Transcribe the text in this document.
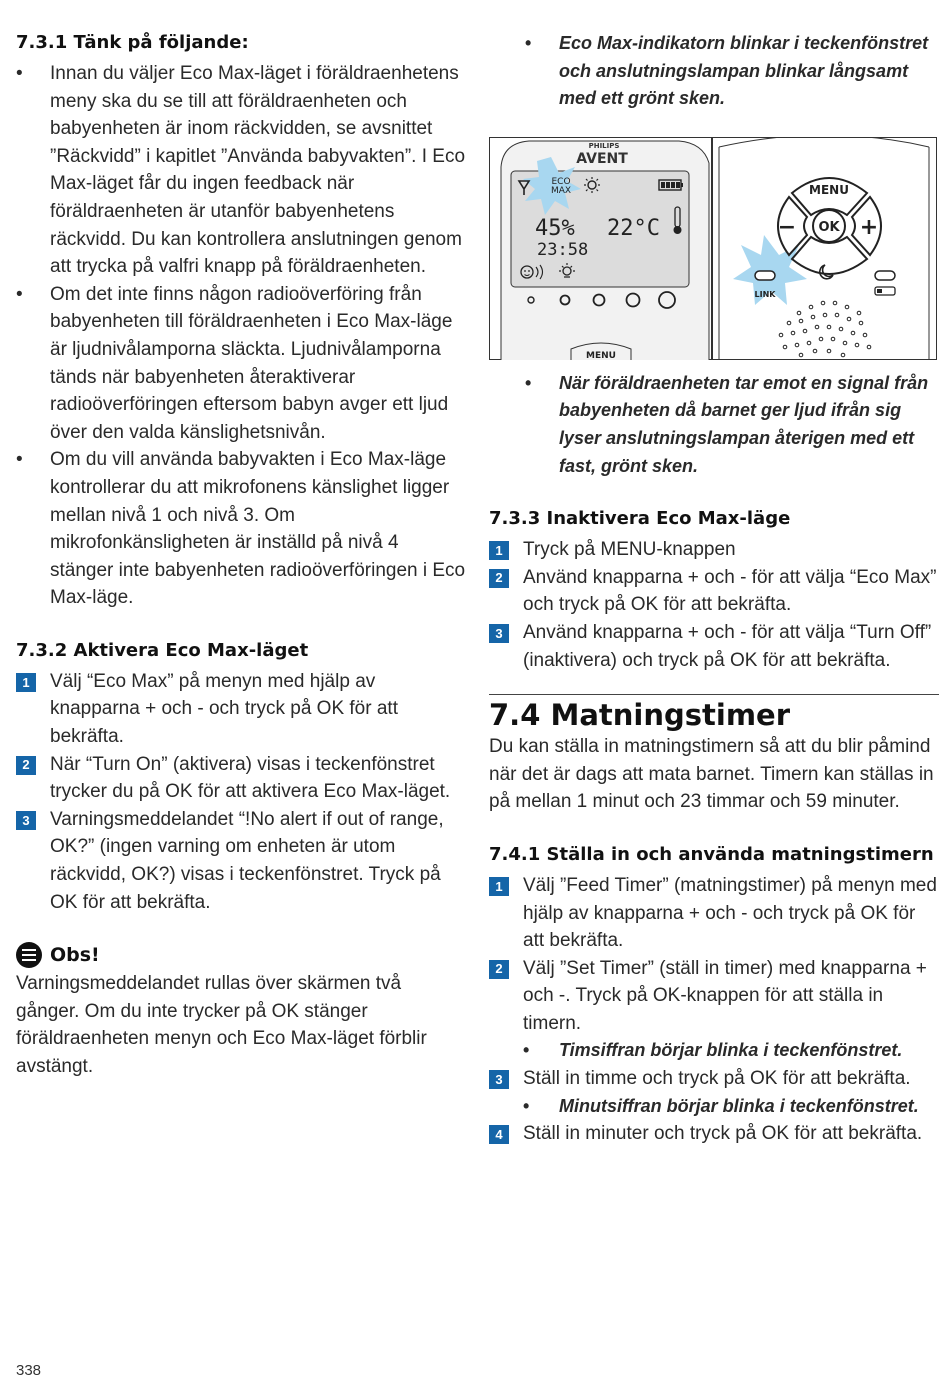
7.3.1 Tänk på följande:
• Innan du väljer Eco Max-läget i föräldraenhetens meny ska du se till att föräldraenheten och babyenheten är inom räckvidden, se avsnittet ”Räckvidd” i kapitlet ”Använda babyvakten”. I Eco Max-läget får du ingen feedback när föräldraenheten är utanför babyenhetens räckvidd. Du kan kontrollera anslutningen genom att trycka på valfri knapp på föräldraenheten.
• Om det inte finns någon radioöverföring från babyenheten till föräldraenheten i Eco Max-läge är ljudnivålamporna släckta. Ljudnivålamporna tänds när babyenheten återaktiverar radioöverföringen eftersom babyn avger ett ljud över den valda känslighetsnivån.
• Om du vill använda babyvakten i Eco Max-läge kontrollerar du att mikrofonens känslighet ligger mellan nivå 1 och nivå 3. Om mikrofonkänsligheten är inställd på nivå 4 stänger inte babyenheten radioöverföringen i Eco Max-läge.
7.3.2 Aktivera Eco Max-läget
1	Välj “Eco Max” på menyn med hjälp av knapparna + och - och tryck på OK för att bekräfta.
2	När “Turn On” (aktivera) visas i teckenfönstret trycker du på OK för att aktivera Eco Max-läget.
3	Varningsmeddelandet “!No alert if out of range, OK?” (ingen varning om enheten är utom räckvidd, OK?) visas i teckenfönstret. Tryck på OK för att bekräfta.
Obs!

Varningsmeddelandet rullas över skärmen två gånger. Om du inte trycker på OK stänger föräldraenheten menyn och Eco Max-läget förblir avstängt.

• Eco Max-indikatorn blinkar i teckenfönstret och anslutningslampan blinkar långsamt med ett grönt sken.
• När föräldraenheten tar emot en signal från babyenheten då barnet ger ljud ifrån sig lyser anslutningslampan återigen med ett fast, grönt sken.
7.3.3 Inaktivera Eco Max-läge
1	Tryck på MENU-knappen
2	Använd knapparna + och - för att välja “Eco Max” och tryck på OK för att bekräfta.
3	Använd knapparna + och - för att välja “Turn Off” (inaktivera) och tryck på OK för att bekräfta.
7.4 Matningstimer

Du kan ställa in matningstimern så att du blir påmind när det är dags att mata barnet. Timern kan ställas in på mellan 1 minut och 23 timmar och 59 minuter.

7.4.1 Ställa in och använda matningstimern
1	Välj ”Feed Timer” (matningstimer) på menyn med hjälp av knapparna + och - och tryck på OK för att bekräfta.
2	Välj ”Set Timer” (ställ in timer) med knapparna + och -. Tryck på OK-knappen för att ställa in timern.
• Timsiffran börjar blinka i teckenfönstret.
3	Ställ in timme och tryck på OK för att bekräfta.
• Minutsiffran börjar blinka i teckenfönstret.
4	Ställ in minuter och tryck på OK för att bekräfta.
PHILIPS
AVENT
ECO
MAX
45% 22°C
23:58
MENU
MENU
OK
−	+
LINK
338
